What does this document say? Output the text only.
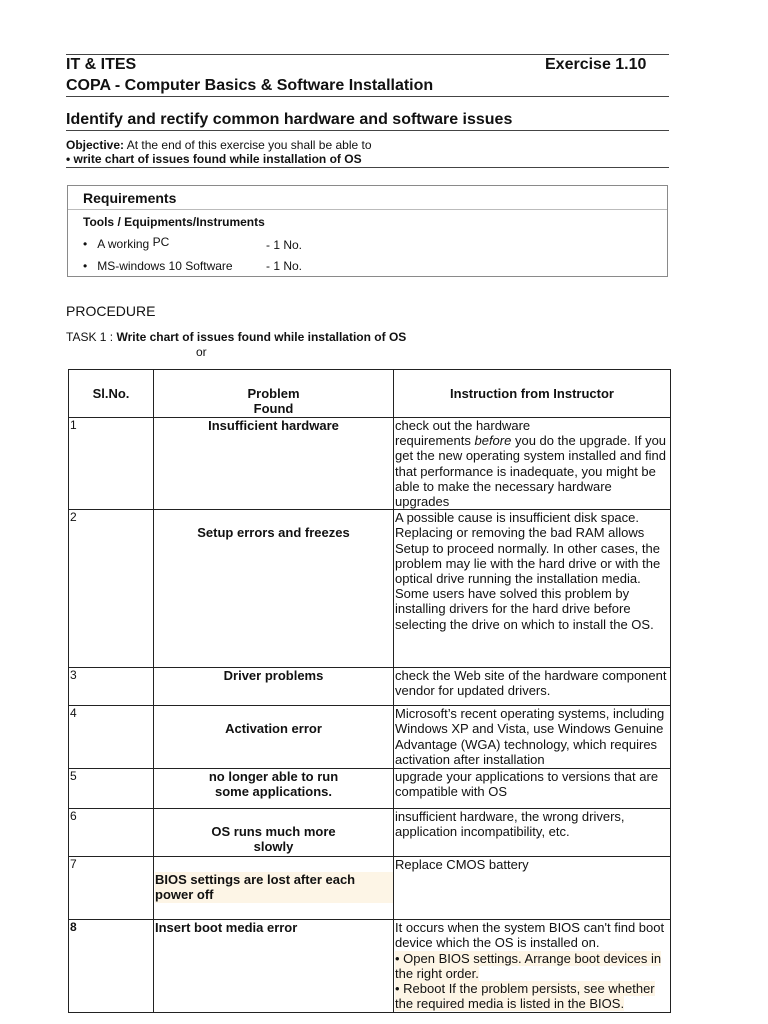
IT & ITES	Exercise 1.10
COPA - Computer Basics & Software Installation
Identify and rectify common hardware and software issues
Objective: At the end of this exercise you shall be able to
• write chart of issues found while installation of OS
Requirements
Tools / Equipments/Instruments
•   A working PC	- 1 No.
•   MS-windows 10 Software	- 1 No.
PROCEDURE
TASK 1 : Write chart of issues found while installation of OS
or
Sl.No.	Problem Found	Instruction from Instructor
1	Insufficient hardware	check out the hardware
requirements before you do the upgrade. If you get the new operating system installed and find that performance is inadequate, you might be able to make the necessary hardware upgrades
2	Setup errors and freezes	A possible cause is insufficient disk space. Replacing or removing the bad RAM allows Setup to proceed normally. In other cases, the problem may lie with the hard drive or with the optical drive running the installation media. Some users have solved this problem by installing drivers for the hard drive before selecting the drive on which to install the OS.
3	Driver problems	check the Web site of the hardware component vendor for updated drivers.
4	Activation error	Microsoft’s recent operating systems, including Windows XP and Vista, use Windows Genuine Advantage (WGA) technology, which requires activation after installation
5	no longer able to run some applications.	upgrade your applications to versions that are compatible with OS
6	OS runs much more slowly	insufficient hardware, the wrong drivers, application incompatibility, etc.
7	BIOS settings are lost after each power off	Replace CMOS battery
8	Insert boot media error	It occurs when the system BIOS can't find boot device which the OS is installed on.
• Open BIOS settings. Arrange boot devices in the right order.
• Reboot If the problem persists, see whether the required media is listed in the BIOS.
